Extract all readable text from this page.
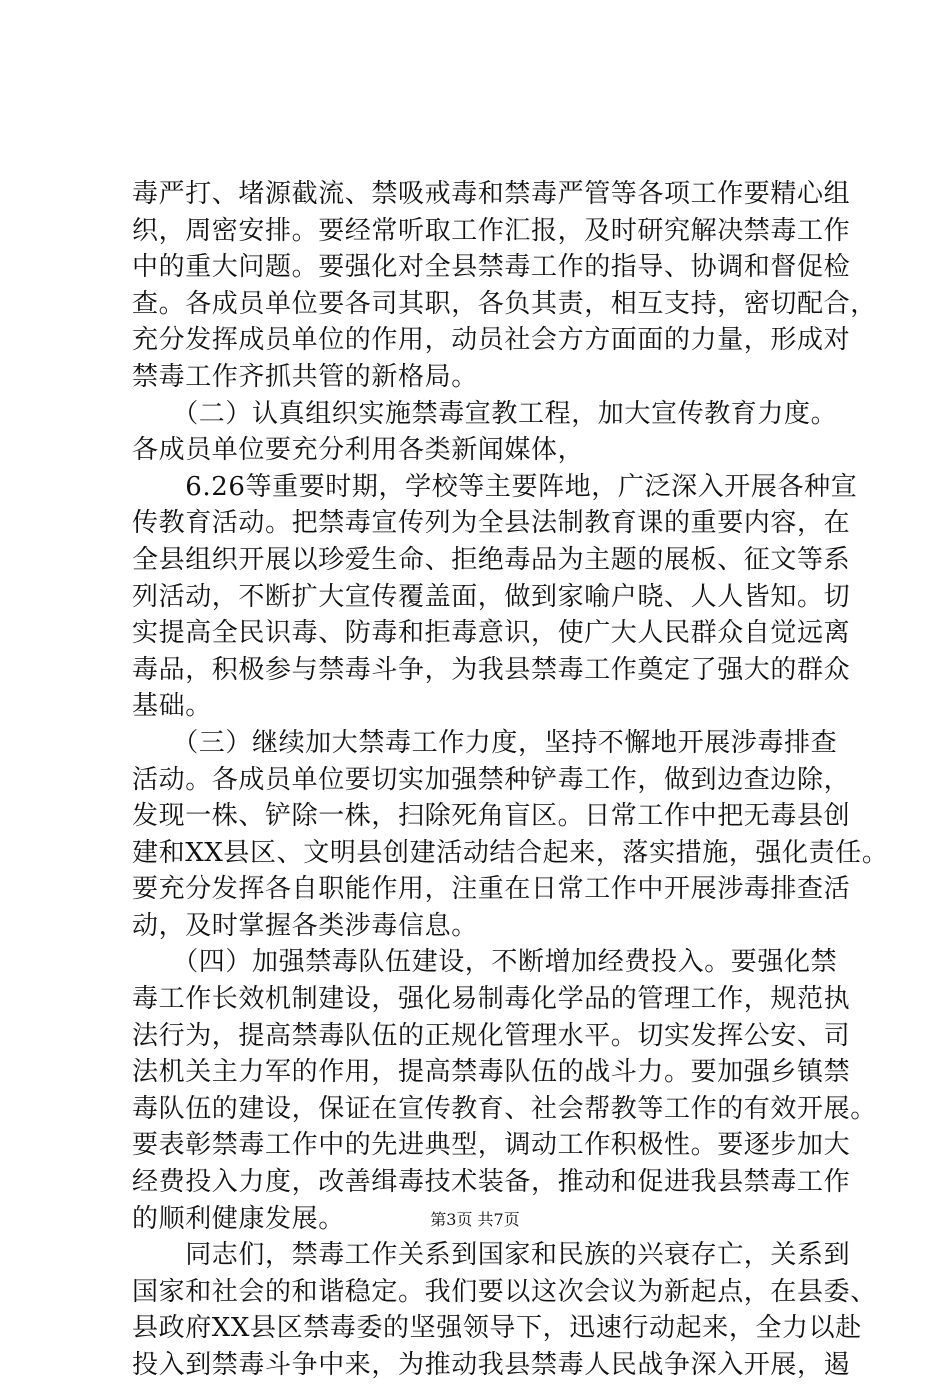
毒严打、堵源截流、禁吸戒毒和禁毒严管等各项工作要精心组
织，周密安排。要经常听取工作汇报，及时研究解决禁毒工作
中的重大问题。要强化对全县禁毒工作的指导、协调和督促检
查。各成员单位要各司其职，各负其责，相互支持，密切配合，
充分发挥成员单位的作用，动员社会方方面面的力量，形成对
禁毒工作齐抓共管的新格局。
　　（二）认真组织实施禁毒宣教工程，加大宣传教育力度。
各成员单位要充分利用各类新闻媒体，
　　6.26等重要时期，学校等主要阵地，广泛深入开展各种宣
传教育活动。把禁毒宣传列为全县法制教育课的重要内容，在
全县组织开展以珍爱生命、拒绝毒品为主题的展板、征文等系
列活动，不断扩大宣传覆盖面，做到家喻户晓、人人皆知。切
实提高全民识毒、防毒和拒毒意识，使广大人民群众自觉远离
毒品，积极参与禁毒斗争，为我县禁毒工作奠定了强大的群众
基础。
　　（三）继续加大禁毒工作力度，坚持不懈地开展涉毒排查
活动。各成员单位要切实加强禁种铲毒工作，做到边查边除，
发现一株、铲除一株，扫除死角盲区。日常工作中把无毒县创
建和XX县区、文明县创建活动结合起来，落实措施，强化责任。
要充分发挥各自职能作用，注重在日常工作中开展涉毒排查活
动，及时掌握各类涉毒信息。
　　（四）加强禁毒队伍建设，不断增加经费投入。要强化禁
毒工作长效机制建设，强化易制毒化学品的管理工作，规范执
法行为，提高禁毒队伍的正规化管理水平。切实发挥公安、司
法机关主力军的作用，提高禁毒队伍的战斗力。要加强乡镇禁
毒队伍的建设，保证在宣传教育、社会帮教等工作的有效开展。
要表彰禁毒工作中的先进典型，调动工作积极性。要逐步加大
经费投入力度，改善缉毒技术装备，推动和促进我县禁毒工作
的顺利健康发展。
　　同志们，禁毒工作关系到国家和民族的兴衰存亡，关系到
国家和社会的和谐稳定。我们要以这次会议为新起点，在县委、
县政府XX县区禁毒委的坚强领导下，迅速行动起来，全力以赴
投入到禁毒斗争中来，为推动我县禁毒人民战争深入开展，遏
第3页 共7页
